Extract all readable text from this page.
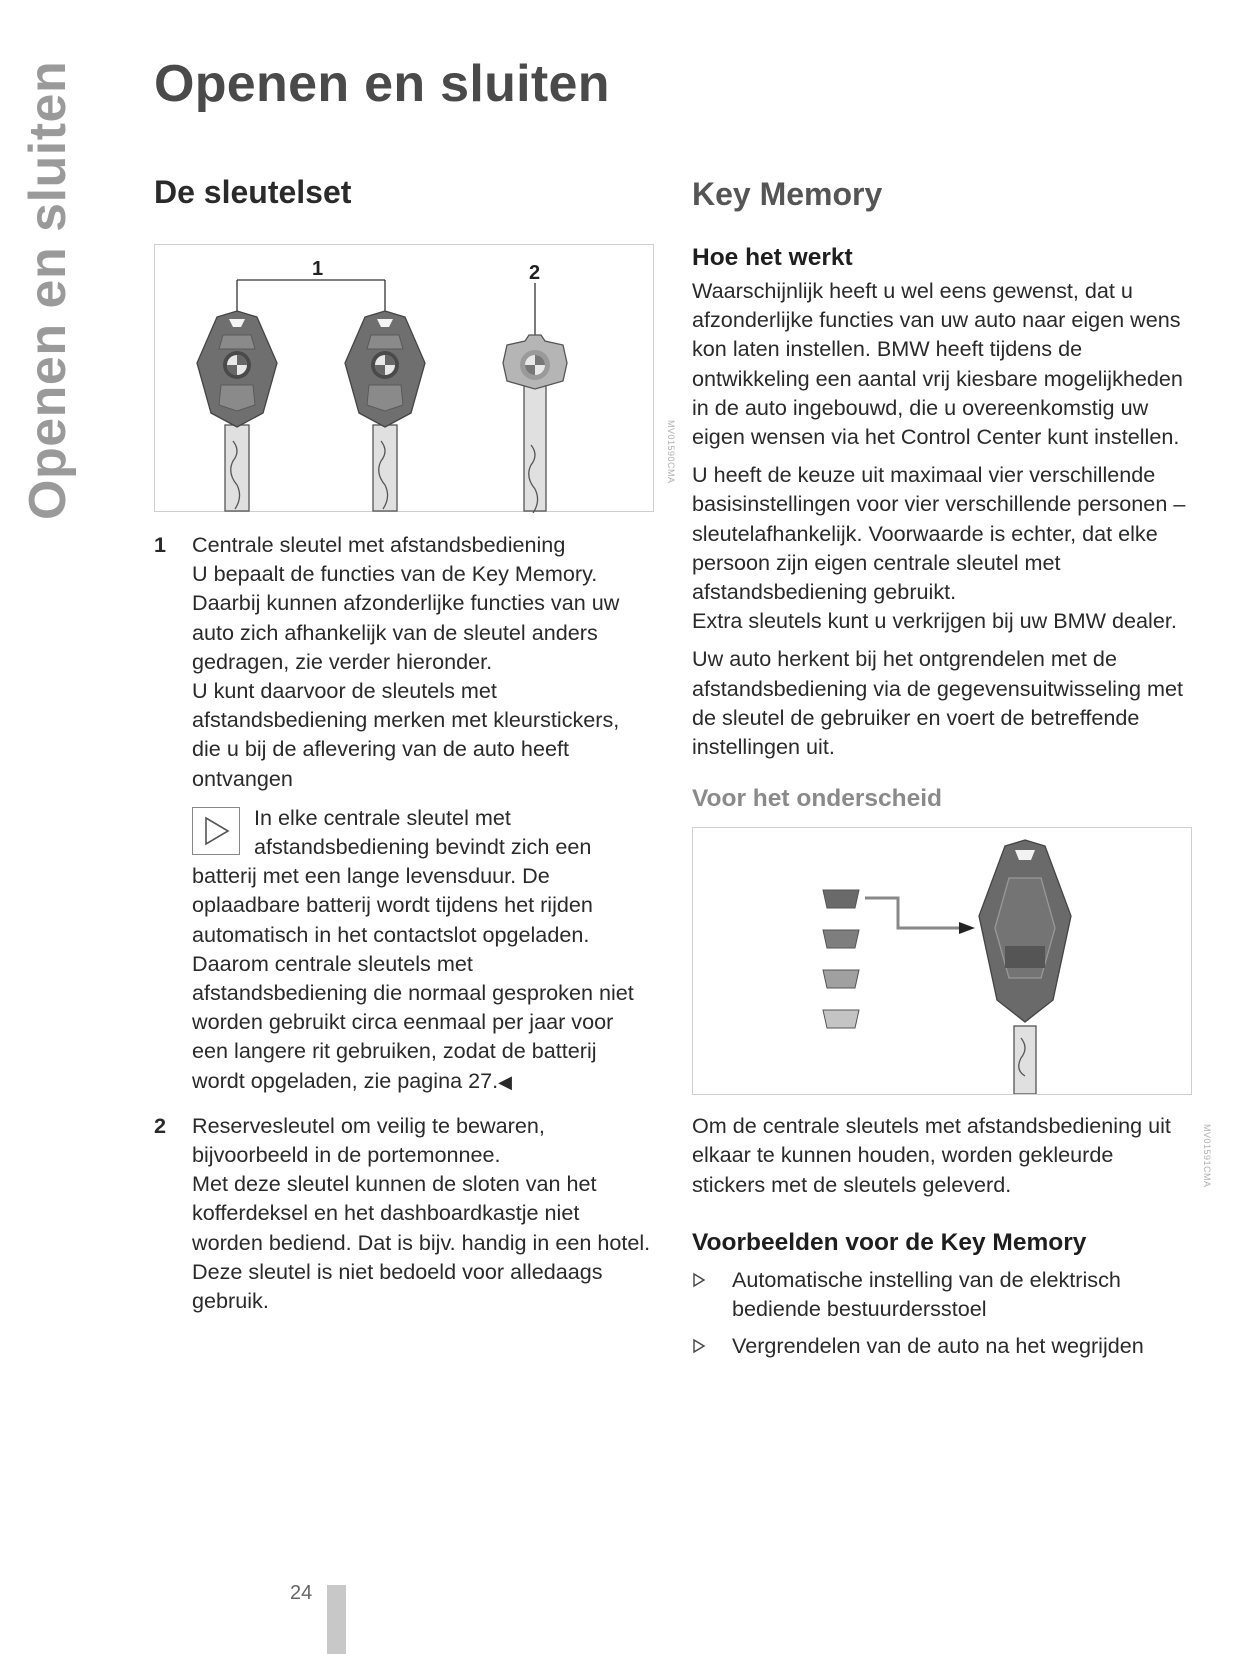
Openen en sluiten Openen en sluiten
De sleutelset
1	2
MV01590CMA
1	Centrale sleutel met afstandsbediening

U bepaalt de functies van de Key Memory. Daarbij kunnen afzonderlijke functies van uw auto zich afhankelijk van de sleutel anders gedragen, zie verder hieronder.

U kunt daarvoor de sleutels met afstandsbediening merken met kleurstickers, die u bij de aflevering van de auto heeft ontvangen

In elke centrale sleutel met afstandsbediening bevindt zich een batterij met een lange levensduur. De oplaadbare batterij wordt tijdens het rijden automatisch in het contactslot opgeladen.

Daarom centrale sleutels met afstandsbediening die normaal gesproken niet worden gebruikt circa eenmaal per jaar voor een langere rit gebruiken, zodat de batterij wordt opgeladen, zie pagina 27.◀

2	Reservesleutel om veilig te bewaren, bijvoorbeeld in de portemonnee.

Met deze sleutel kunnen de sloten van het kofferdeksel en het dashboardkastje niet worden bediend. Dat is bijv. handig in een hotel. Deze sleutel is niet bedoeld voor alledaags gebruik.

Key Memory
Hoe het werkt

Waarschijnlijk heeft u wel eens gewenst, dat u afzonderlijke functies van uw auto naar eigen wens kon laten instellen. BMW heeft tijdens de ontwikkeling een aantal vrij kiesbare mogelijkheden in de auto ingebouwd, die u overeenkomstig uw eigen wensen via het Control Center kunt instellen.

U heeft de keuze uit maximaal vier verschillende basisinstellingen voor vier verschillende personen – sleutelafhankelijk. Voorwaarde is echter, dat elke persoon zijn eigen centrale sleutel met afstandsbediening gebruikt.

Extra sleutels kunt u verkrijgen bij uw BMW dealer.

Uw auto herkent bij het ontgrendelen met de afstandsbediening via de gegevensuitwisseling met de sleutel de gebruiker en voert de betreffende instellingen uit.

Voor het onderscheid
MV01591CMA

Om de centrale sleutels met afstandsbediening uit elkaar te kunnen houden, worden gekleurde stickers met de sleutels geleverd.

Voorbeelden voor de Key Memory
Automatische instelling van de elektrisch bediende bestuurdersstoel
Vergrendelen van de auto na het wegrijden
24
